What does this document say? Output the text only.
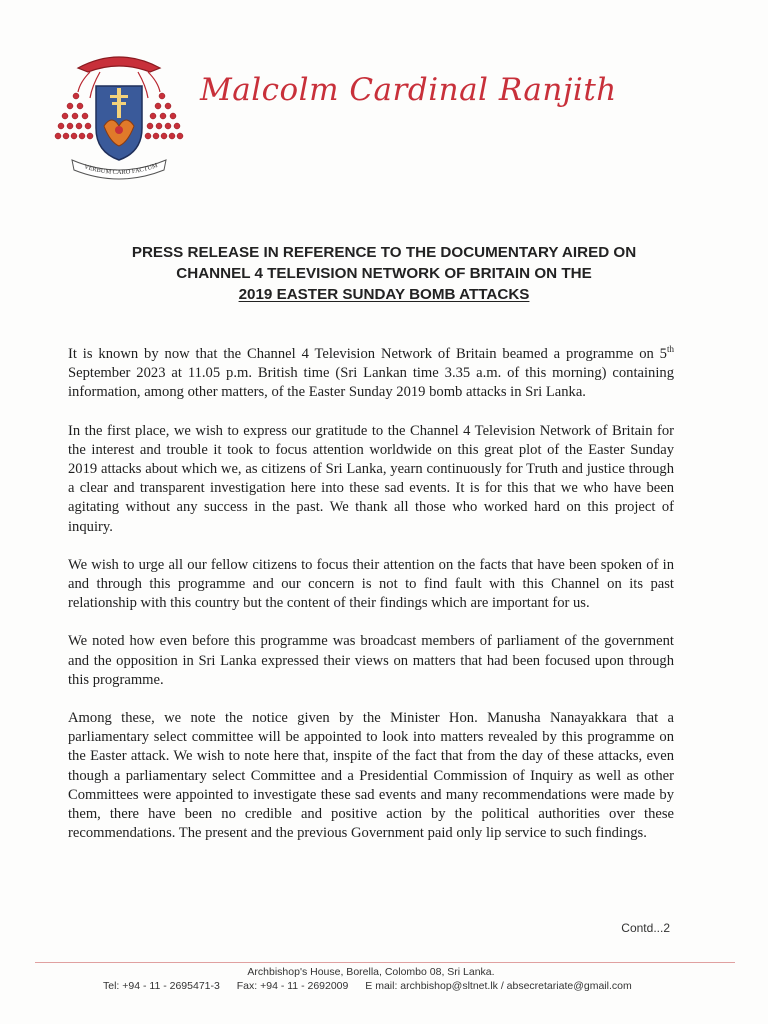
VERBUM CARO FACTUM
Malcolm Cardinal Ranjith
PRESS RELEASE IN REFERENCE TO THE DOCUMENTARY AIRED ON
CHANNEL 4 TELEVISION NETWORK OF BRITAIN ON THE
2019 EASTER SUNDAY BOMB ATTACKS

It is known by now that the Channel 4 Television Network of Britain beamed a programme on 5th September 2023 at 11.05 p.m. British time (Sri Lankan time 3.35 a.m. of this morning) containing information, among other matters, of the Easter Sunday 2019 bomb attacks in Sri Lanka.

In the first place, we wish to express our gratitude to the Channel 4 Television Network of Britain for the interest and trouble it took to focus attention worldwide on this great plot of the Easter Sunday 2019 attacks about which we, as citizens of Sri Lanka, yearn continuously for Truth and justice through a clear and transparent investigation here into these sad events. It is for this that we who have been agitating without any success in the past. We thank all those who worked hard on this project of inquiry.

We wish to urge all our fellow citizens to focus their attention on the facts that have been spoken of in and through this programme and our concern is not to find fault with this Channel on its past relationship with this country but the content of their findings which are important for us.

We noted how even before this programme was broadcast members of parliament of the government and the opposition in Sri Lanka expressed their views on matters that had been focused upon through this programme.

Among these, we note the notice given by the Minister Hon. Manusha Nanayakkara that a parliamentary select committee will be appointed to look into matters revealed by this programme on the Easter attack. We wish to note here that, inspite of the fact that from the day of these attacks, even though a parliamentary select Committee and a Presidential Commission of Inquiry as well as other Committees were appointed to investigate these sad events and many recommendations were made by them, there have been no credible and positive action by the political authorities over these recommendations. The present and the previous Government paid only lip service to such findings.

Contd...2
Archbishop's House, Borella, Colombo 08, Sri Lanka.
Tel: +94 - 11 - 2695471-3 Fax: +94 - 11 - 2692009 E mail: archbishop@sltnet.lk / absecretariate@gmail.com
